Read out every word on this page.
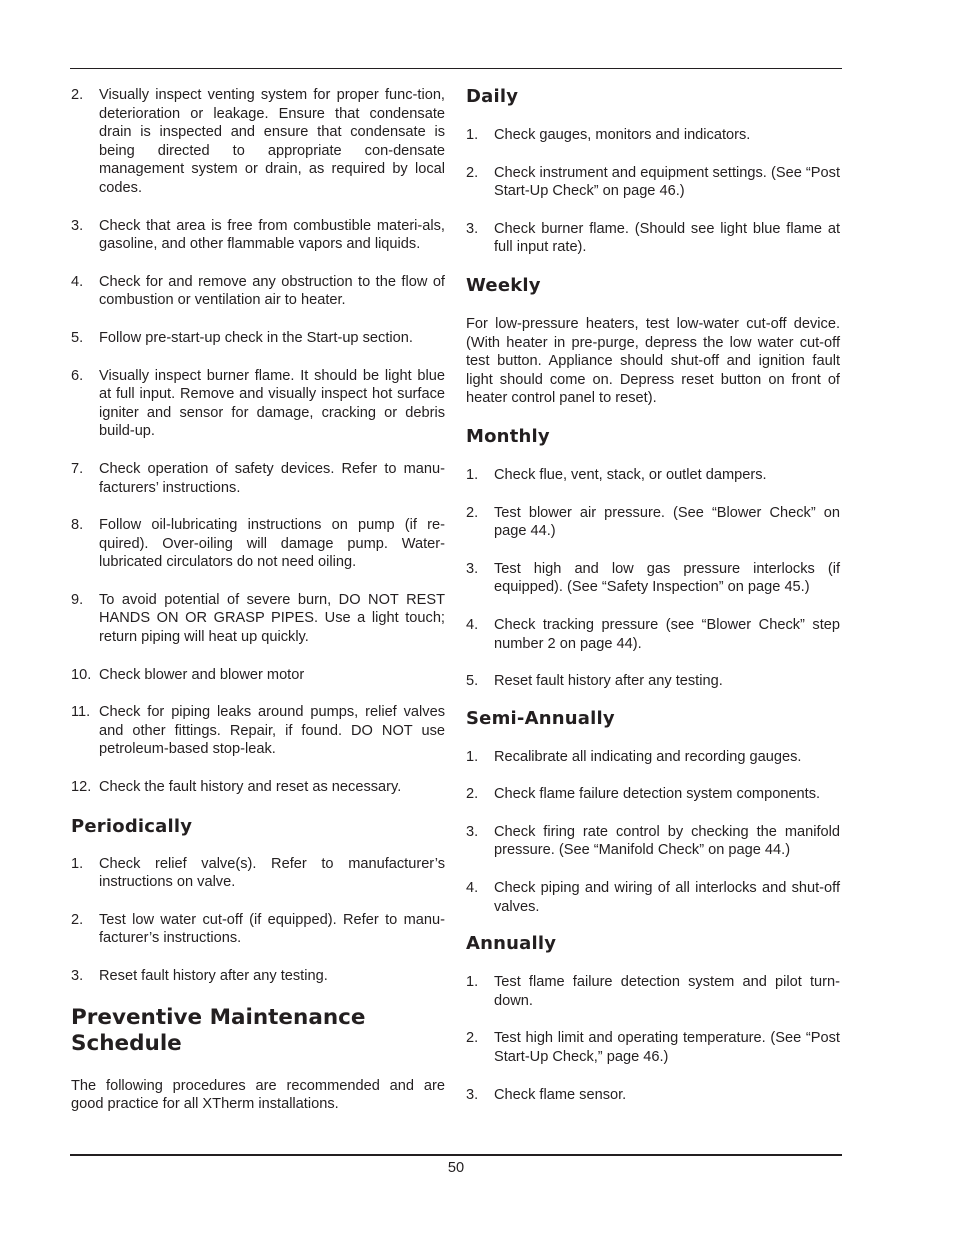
2. Visually inspect venting system for proper func-tion, deterioration or leakage. Ensure that condensate drain is inspected and ensure that condensate is being directed to appropriate con-densate management system or drain, as required by local codes.
3. Check that area is free from combustible materi-als, gasoline, and other flammable vapors and liquids.
4. Check for and remove any obstruction to the flow of combustion or ventilation air to heater.
5. Follow pre-start-up check in the Start-up section.
6. Visually inspect burner flame. It should be light blue at full input. Remove and visually inspect hot surface igniter and sensor for damage, cracking or debris build-up.
7. Check operation of safety devices. Refer to manu-facturers’ instructions.
8. Follow oil-lubricating instructions on pump (if re-quired). Over-oiling will damage pump. Water-lubricated circulators do not need oiling.
9. To avoid potential of severe burn, DO NOT REST HANDS ON OR GRASP PIPES. Use a light touch; return piping will heat up quickly.
10. Check blower and blower motor
11. Check for piping leaks around pumps, relief valves and other fittings. Repair, if found. DO NOT use petroleum-based stop-leak.
12. Check the fault history and reset as necessary.
Periodically
1. Check relief valve(s). Refer to manufacturer’s instructions on valve.
2. Test low water cut-off (if equipped). Refer to manu-facturer’s instructions.
3. Reset fault history after any testing.
Preventive Maintenance
Schedule
The following procedures are recommended and are good practice for all XTherm installations.
Daily
1. Check gauges, monitors and indicators.
2. Check instrument and equipment settings. (See “Post Start-Up Check” on page 46.)
3. Check burner flame. (Should see light blue flame at full input rate).
Weekly
For low-pressure heaters, test low-water cut-off device. (With heater in pre-purge, depress the low water cut-off test button. Appliance should shut-off and ignition fault light should come on. Depress reset button on front of heater control panel to reset).
Monthly
1. Check flue, vent, stack, or outlet dampers.
2. Test blower air pressure. (See “Blower Check” on page 44.)
3. Test high and low gas pressure interlocks (if equipped). (See “Safety Inspection” on page 45.)
4. Check tracking pressure (see “Blower Check” step number 2 on page 44).
5. Reset fault history after any testing.
Semi-Annually
1. Recalibrate all indicating and recording gauges.
2. Check flame failure detection system components.
3. Check firing rate control by checking the manifold pressure. (See “Manifold Check” on page 44.)
4. Check piping and wiring of all interlocks and shut-off valves.
Annually
1. Test flame failure detection system and pilot turn-down.
2. Test high limit and operating temperature. (See “Post Start-Up Check,” page 46.)
3. Check flame sensor.
50
